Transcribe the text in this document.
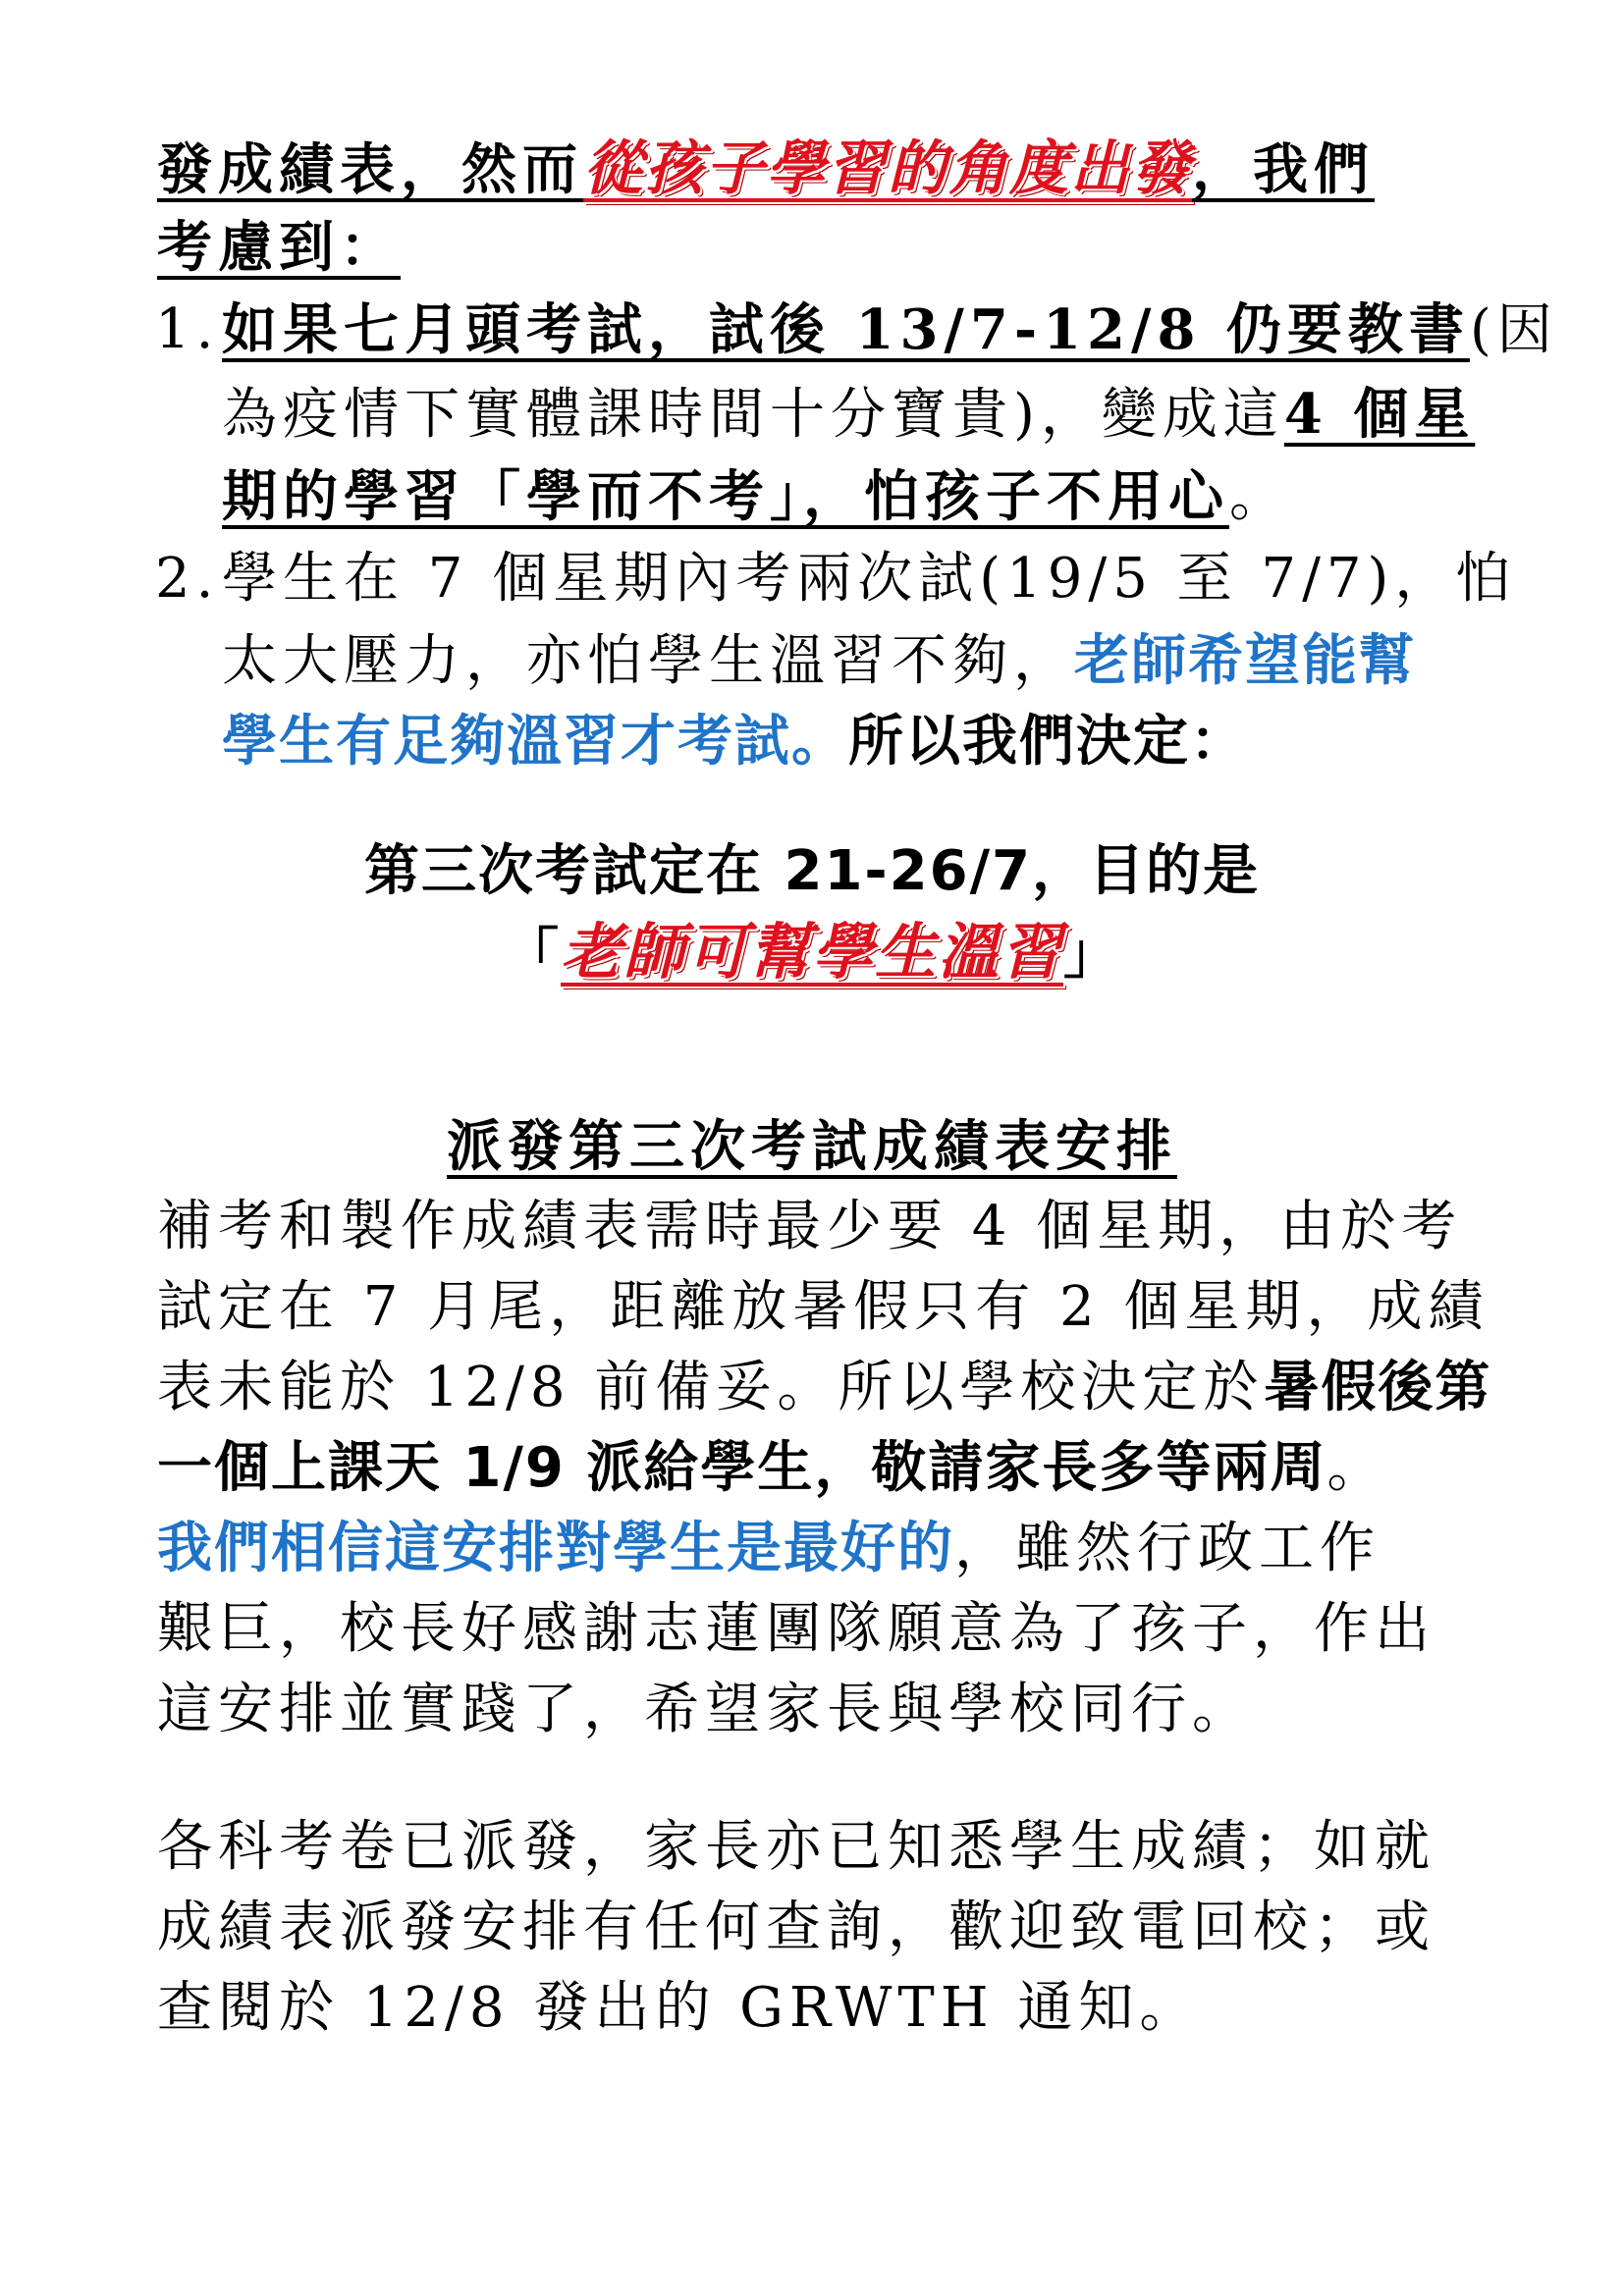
發成績表，然而從孩子學習的角度出發，我們
考慮到：
1. 如果七月頭考試，試後 13/7-12/8 仍要教書(因
為疫情下實體課時間十分寶貴)，變成這4 個星
期的學習「學而不考」，怕孩子不用心。
2. 學生在 7 個星期內考兩次試(19/5 至 7/7)，怕
太大壓力，亦怕學生溫習不夠，老師希望能幫
學生有足夠溫習才考試。所以我們決定：
第三次考試定在 21-26/7，目的是
「老師可幫學生溫習」
派發第三次考試成績表安排
補考和製作成績表需時最少要 4 個星期，由於考
試定在 7 月尾，距離放暑假只有 2 個星期，成績
表未能於 12/8 前備妥。所以學校決定於暑假後第
一個上課天 1/9 派給學生，敬請家長多等兩周。
我們相信這安排對學生是最好的，雖然行政工作
艱巨，校長好感謝志蓮團隊願意為了孩子，作出
這安排並實踐了，希望家長與學校同行。
各科考卷已派發，家長亦已知悉學生成績；如就
成績表派發安排有任何查詢，歡迎致電回校；或
查閱於 12/8 發出的 GRWTH 通知。
